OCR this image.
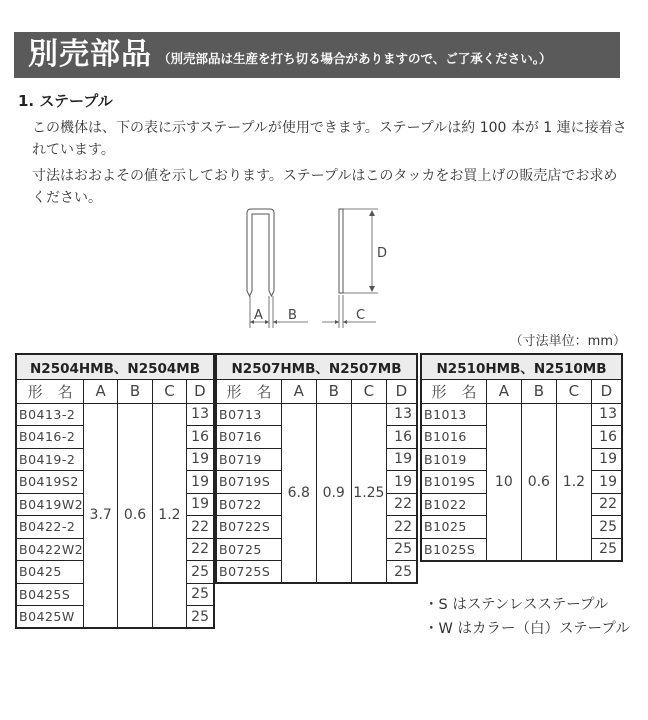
別売部品 （別売部品は生産を打ち切る場合がありますので、ご了承ください。）
1. ステープル
この機体は、下の表に示すステープルが使用できます。ステープルは約 100 本が 1 連に接着されています。
寸法はおおよその値を示しております。ステープルはこのタッカをお買上げの販売店でお求めください。
A B
D
C
（寸法単位：mm）
N2504HMB、N2504MB				
形　名	A	B	C	D
B0413-2	3.7	0.6	1.2	13
B0416-2				16
B0419-2				19
B0419S2				19
B0419W2				19
B0422-2				22
B0422W2				22
B0425				25
B0425S				25
B0425W				25
N2507HMB、N2507MB				
形　名	A	B	C	D
B0713	6.8	0.9	1.25	13
B0716				16
B0719				19
B0719S				19
B0722				22
B0722S				22
B0725				25
B0725S				25
N2510HMB、N2510MB				
形　名	A	B	C	D
B1013	10	0.6	1.2	13
B1016				16
B1019				19
B1019S				19
B1022				22
B1025				25
B1025S				25
・S はステンレスステープル
・W はカラー（白）ステープル
